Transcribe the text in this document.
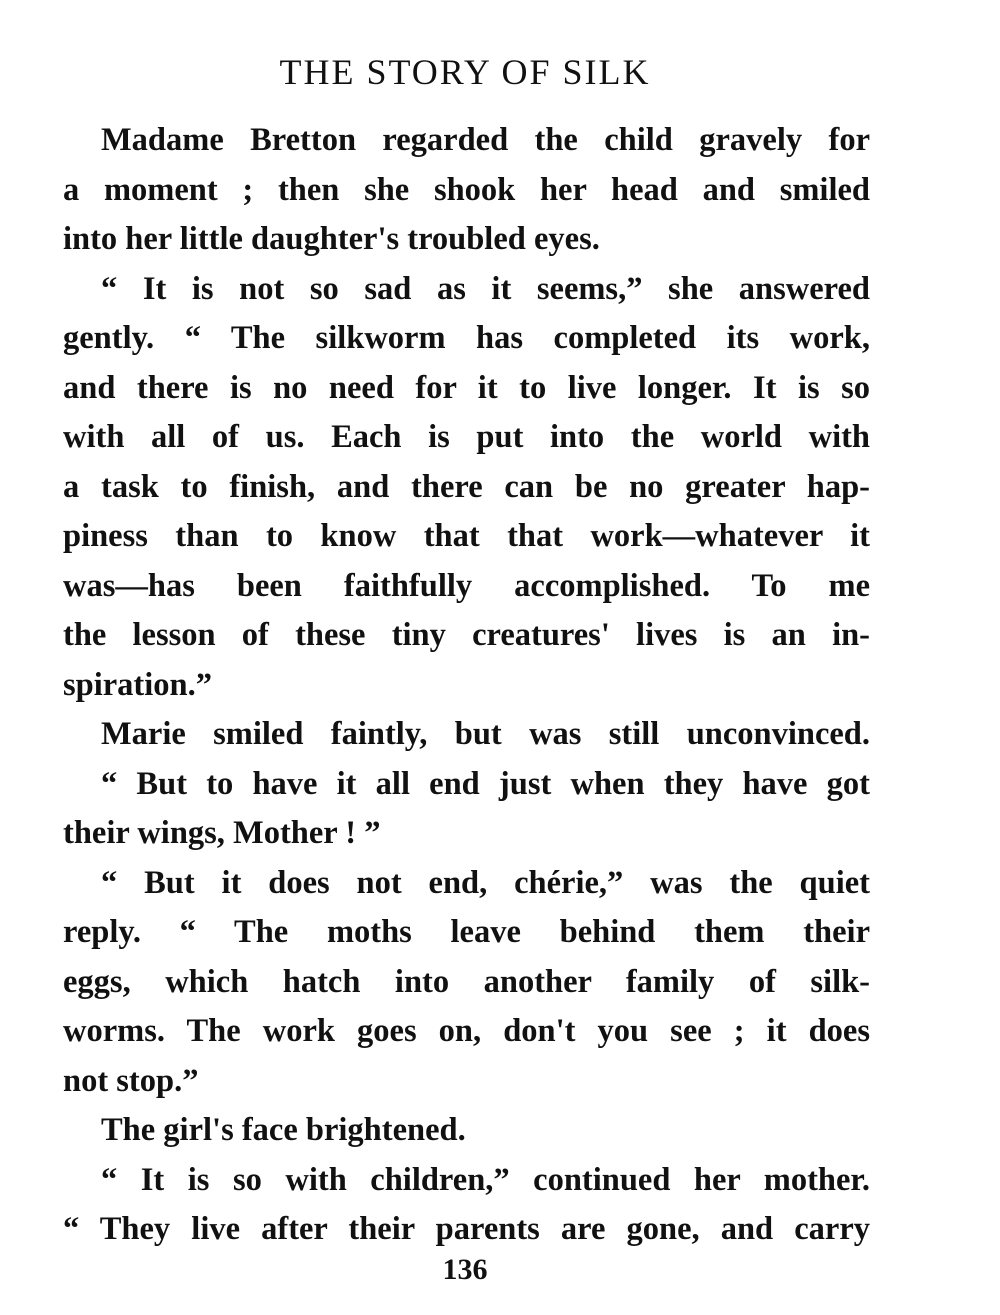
THE STORY OF SILK
Madame Bretton regarded the child gravely for
a moment ; then she shook her head and smiled
into her little daughter's troubled eyes.
“ It is not so sad as it seems,” she answered
gently. “ The silkworm has completed its work,
and there is no need for it to live longer. It is so
with all of us. Each is put into the world with
a task to finish, and there can be no greater hap-
piness than to know that that work—whatever it
was—has been faithfully accomplished. To me
the lesson of these tiny creatures' lives is an in-
spiration.”
Marie smiled faintly, but was still unconvinced.
“ But to have it all end just when they have got
their wings, Mother ! ”
“ But it does not end, chérie,” was the quiet
reply. “ The moths leave behind them their
eggs, which hatch into another family of silk-
worms. The work goes on, don't you see ; it does
not stop.”
The girl's face brightened.
“ It is so with children,” continued her mother.
“ They live after their parents are gone, and carry
136
